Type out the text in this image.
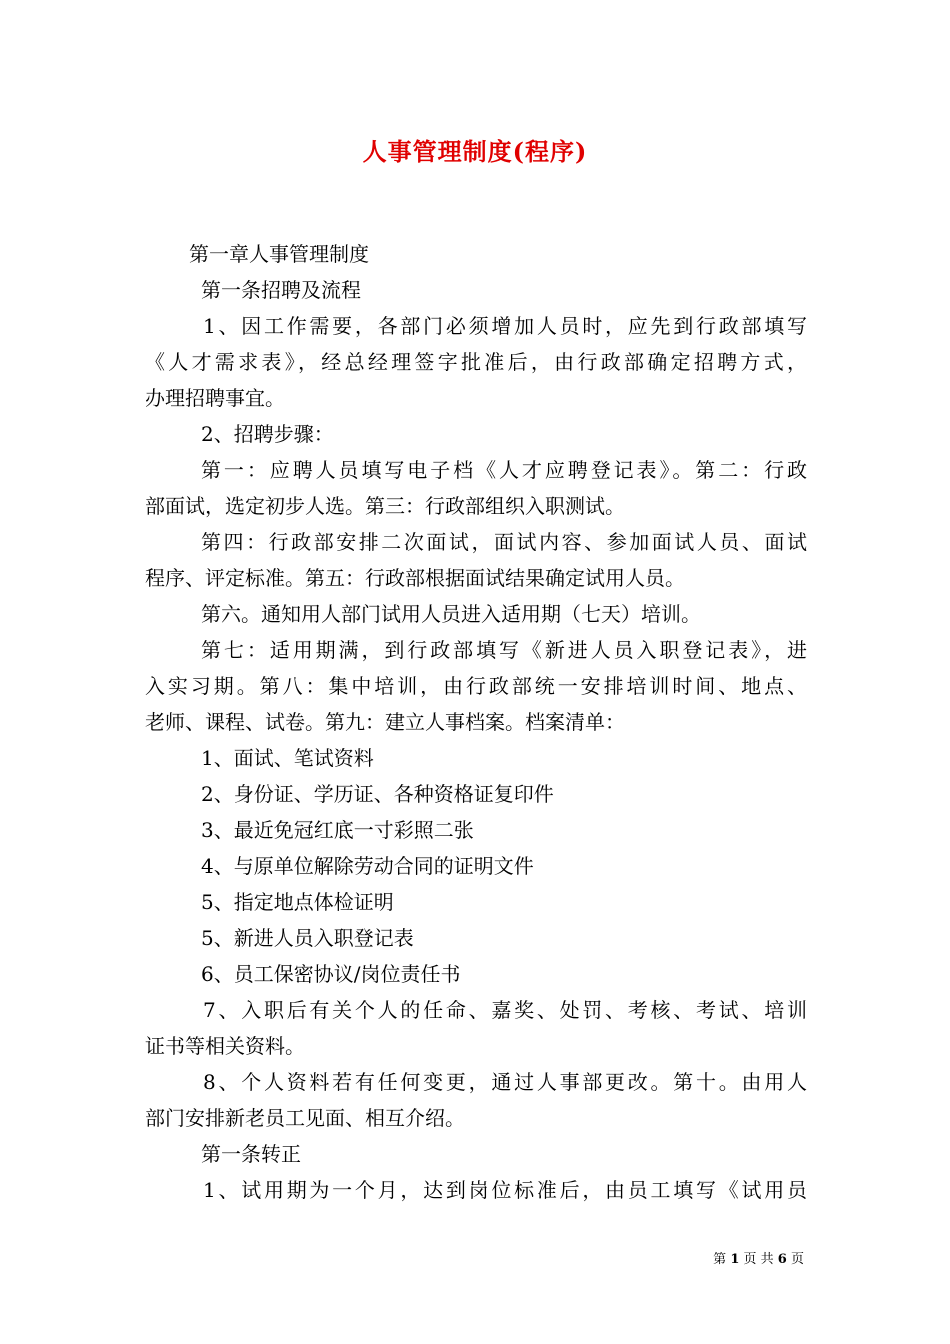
人事管理制度(程序)
第一章人事管理制度
第一条招聘及流程
1、因工作需要，各部门必须增加人员时，应先到行政部填写
《人才需求表》，经总经理签字批准后，由行政部确定招聘方式，
办理招聘事宜。
2、招聘步骤：
第一：应聘人员填写电子档《人才应聘登记表》。第二：行政
部面试，选定初步人选。第三：行政部组织入职测试。
第四：行政部安排二次面试，面试内容、参加面试人员、面试
程序、评定标准。第五：行政部根据面试结果确定试用人员。
第六。通知用人部门试用人员进入适用期（七天）培训。
第七：适用期满，到行政部填写《新进人员入职登记表》，进
入实习期。第八：集中培训，由行政部统一安排培训时间、地点、
老师、课程、试卷。第九：建立人事档案。档案清单：
1、面试、笔试资料
2、身份证、学历证、各种资格证复印件
3、最近免冠红底一寸彩照二张
4、与原单位解除劳动合同的证明文件
5、指定地点体检证明
5、新进人员入职登记表
6、员工保密协议/岗位责任书
7、入职后有关个人的任命、嘉奖、处罚、考核、考试、培训
证书等相关资料。
8、个人资料若有任何变更，通过人事部更改。第十。由用人
部门安排新老员工见面、相互介绍。
第一条转正
1、试用期为一个月，达到岗位标准后，由员工填写《试用员
第 1 页 共 6 页
